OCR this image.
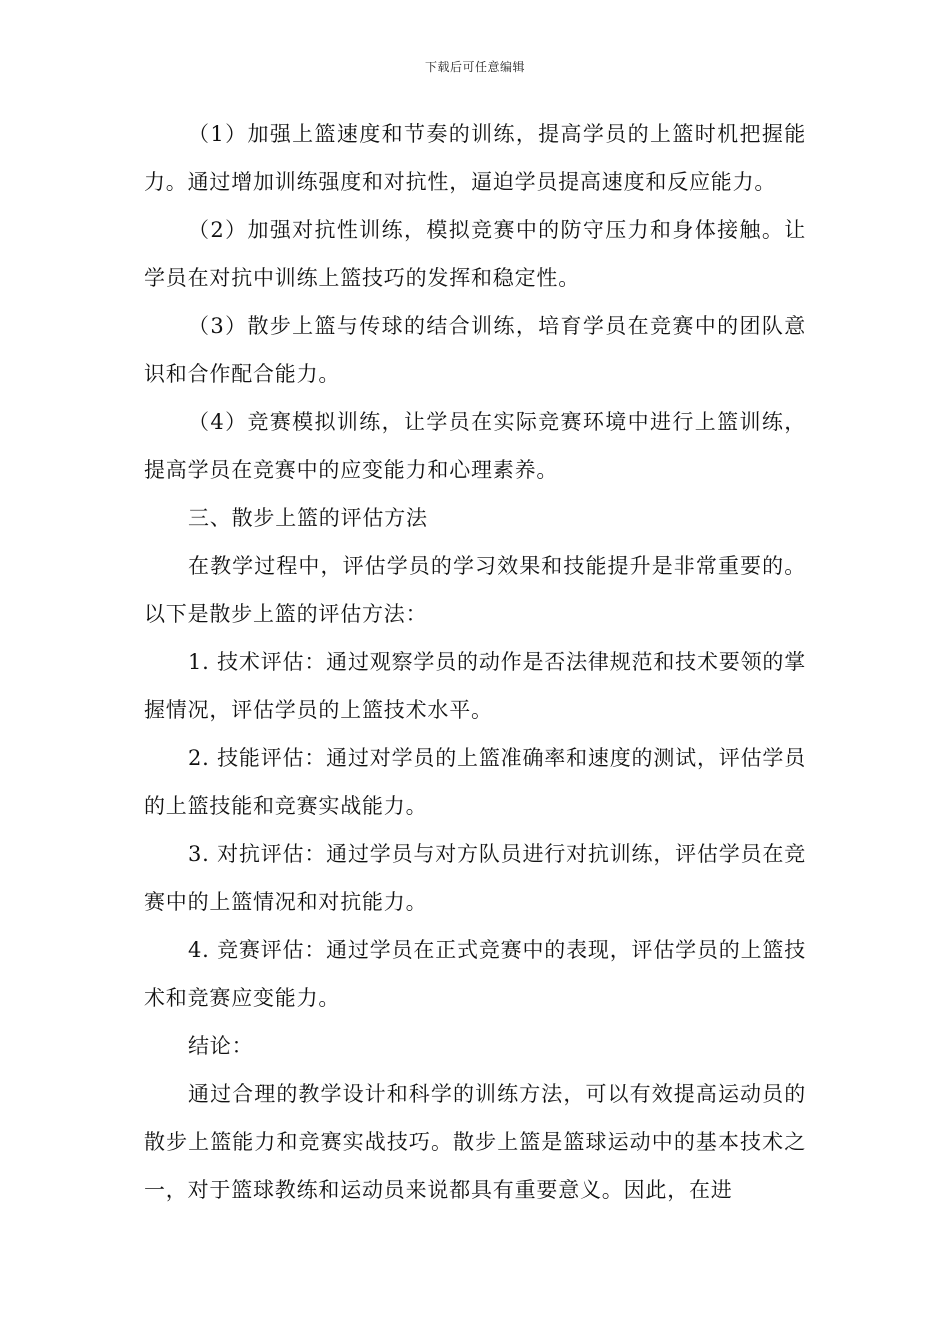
下载后可任意编辑

（1）加强上篮速度和节奏的训练，提高学员的上篮时机把握能力。通过增加训练强度和对抗性，逼迫学员提高速度和反应能力。

（2）加强对抗性训练，模拟竞赛中的防守压力和身体接触。让学员在对抗中训练上篮技巧的发挥和稳定性。

（3）散步上篮与传球的结合训练，培育学员在竞赛中的团队意识和合作配合能力。

（4）竞赛模拟训练，让学员在实际竞赛环境中进行上篮训练，提高学员在竞赛中的应变能力和心理素养。

三、散步上篮的评估方法

在教学过程中，评估学员的学习效果和技能提升是非常重要的。以下是散步上篮的评估方法：

1. 技术评估：通过观察学员的动作是否法律规范和技术要领的掌握情况，评估学员的上篮技术水平。

2. 技能评估：通过对学员的上篮准确率和速度的测试，评估学员的上篮技能和竞赛实战能力。

3. 对抗评估：通过学员与对方队员进行对抗训练，评估学员在竞赛中的上篮情况和对抗能力。

4. 竞赛评估：通过学员在正式竞赛中的表现，评估学员的上篮技术和竞赛应变能力。

结论：

通过合理的教学设计和科学的训练方法，可以有效提高运动员的散步上篮能力和竞赛实战技巧。散步上篮是篮球运动中的基本技术之一，对于篮球教练和运动员来说都具有重要意义。因此，在进
